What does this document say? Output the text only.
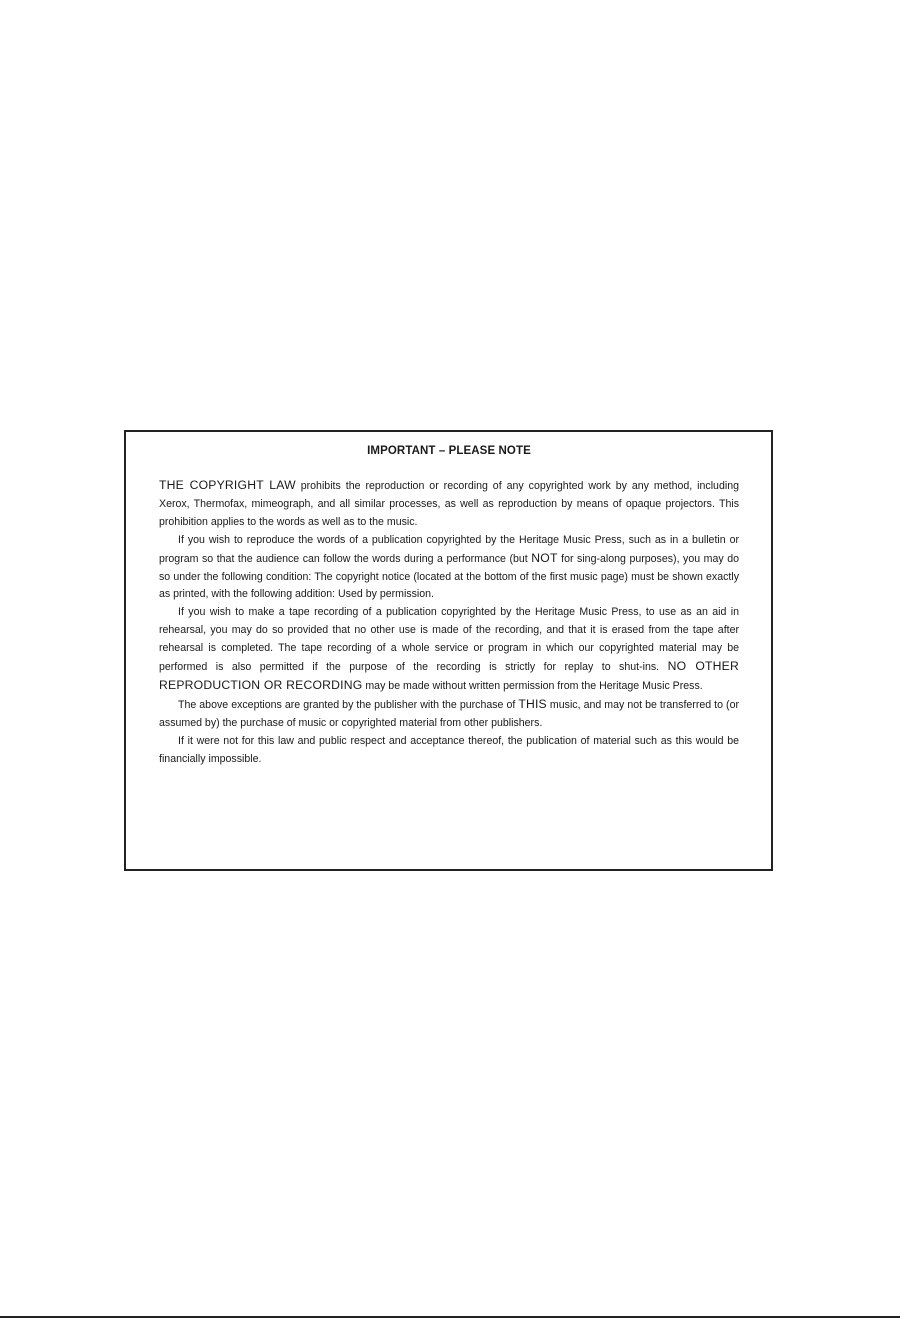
IMPORTANT – PLEASE NOTE

THE COPYRIGHT LAW prohibits the reproduction or recording of any copyrighted work by any method, including Xerox, Thermofax, mimeograph, and all similar processes, as well as reproduction by means of opaque projectors. This prohibition applies to the words as well as to the music.

If you wish to reproduce the words of a publication copyrighted by the Heritage Music Press, such as in a bulletin or program so that the audience can follow the words during a performance (but NOT for sing-along purposes), you may do so under the following condition: The copyright notice (located at the bottom of the first music page) must be shown exactly as printed, with the following addition: Used by permission.

If you wish to make a tape recording of a publication copyrighted by the Heritage Music Press, to use as an aid in rehearsal, you may do so provided that no other use is made of the recording, and that it is erased from the tape after rehearsal is completed. The tape recording of a whole service or program in which our copyrighted material may be performed is also permitted if the purpose of the recording is strictly for replay to shut-ins. NO OTHER REPRODUCTION OR RECORDING may be made without written permission from the Heritage Music Press.

The above exceptions are granted by the publisher with the purchase of THIS music, and may not be transferred to (or assumed by) the purchase of music or copyrighted material from other publishers.

If it were not for this law and public respect and acceptance thereof, the publication of material such as this would be financially impossible.
